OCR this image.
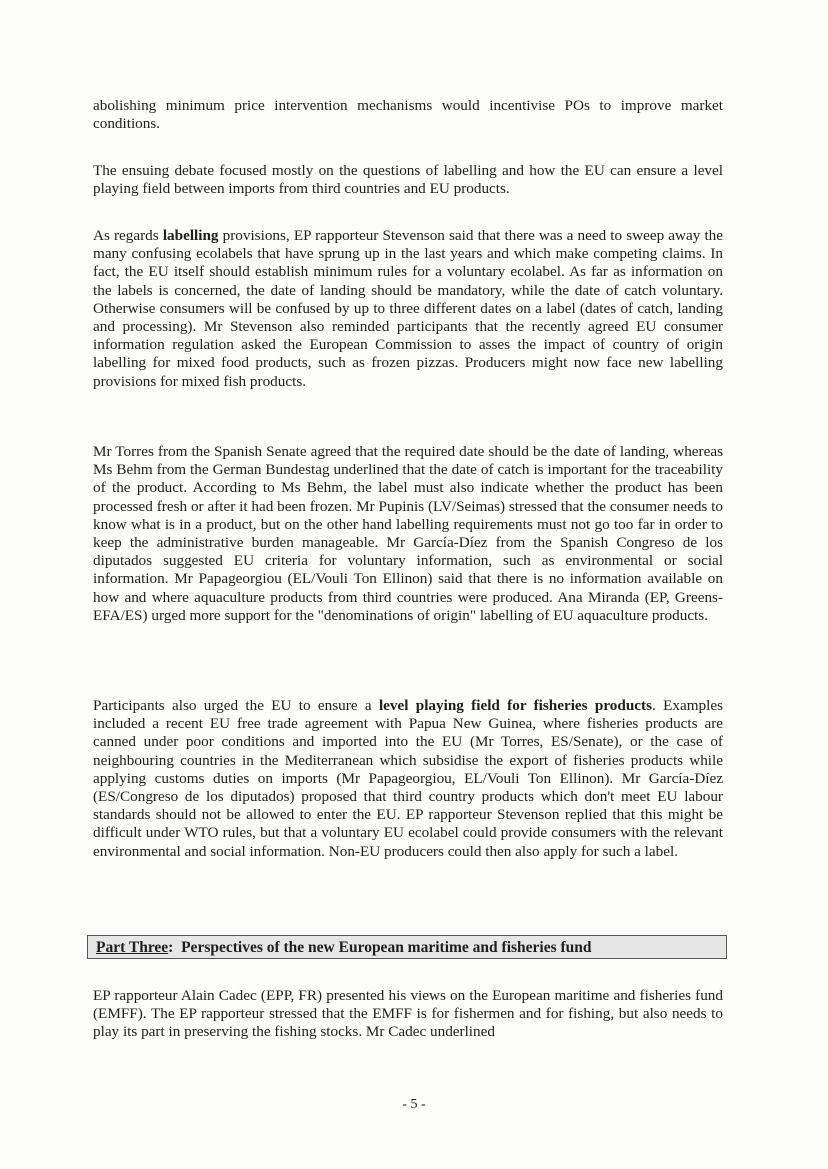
abolishing minimum price intervention mechanisms would incentivise POs to improve market conditions.

The ensuing debate focused mostly on the questions of labelling and how the EU can ensure a level playing field between imports from third countries and EU products.

As regards labelling provisions, EP rapporteur Stevenson said that there was a need to sweep away the many confusing ecolabels that have sprung up in the last years and which make competing claims. In fact, the EU itself should establish minimum rules for a voluntary ecolabel. As far as information on the labels is concerned, the date of landing should be mandatory, while the date of catch voluntary. Otherwise consumers will be confused by up to three different dates on a label (dates of catch, landing and processing). Mr Stevenson also reminded participants that the recently agreed EU consumer information regulation asked the European Commission to asses the impact of country of origin labelling for mixed food products, such as frozen pizzas. Producers might now face new labelling provisions for mixed fish products.

Mr Torres from the Spanish Senate agreed that the required date should be the date of landing, whereas Ms Behm from the German Bundestag underlined that the date of catch is important for the traceability of the product. According to Ms Behm, the label must also indicate whether the product has been processed fresh or after it had been frozen. Mr Pupinis (LV/Seimas) stressed that the consumer needs to know what is in a product, but on the other hand labelling requirements must not go too far in order to keep the administrative burden manageable. Mr García-Díez from the Spanish Congreso de los diputados suggested EU criteria for voluntary information, such as environmental or social information. Mr Papageorgiou (EL/Vouli Ton Ellinon) said that there is no information available on how and where aquaculture products from third countries were produced. Ana Miranda (EP, Greens-EFA/ES) urged more support for the "denominations of origin" labelling of EU aquaculture products.

Participants also urged the EU to ensure a level playing field for fisheries products. Examples included a recent EU free trade agreement with Papua New Guinea, where fisheries products are canned under poor conditions and imported into the EU (Mr Torres, ES/Senate), or the case of neighbouring countries in the Mediterranean which subsidise the export of fisheries products while applying customs duties on imports (Mr Papageorgiou, EL/Vouli Ton Ellinon). Mr García-Díez (ES/Congreso de los diputados) proposed that third country products which don't meet EU labour standards should not be allowed to enter the EU. EP rapporteur Stevenson replied that this might be difficult under WTO rules, but that a voluntary EU ecolabel could provide consumers with the relevant environmental and social information. Non-EU producers could then also apply for such a label.

Part Three: Perspectives of the new European maritime and fisheries fund

EP rapporteur Alain Cadec (EPP, FR) presented his views on the European maritime and fisheries fund (EMFF). The EP rapporteur stressed that the EMFF is for fishermen and for fishing, but also needs to play its part in preserving the fishing stocks. Mr Cadec underlined

- 5 -
